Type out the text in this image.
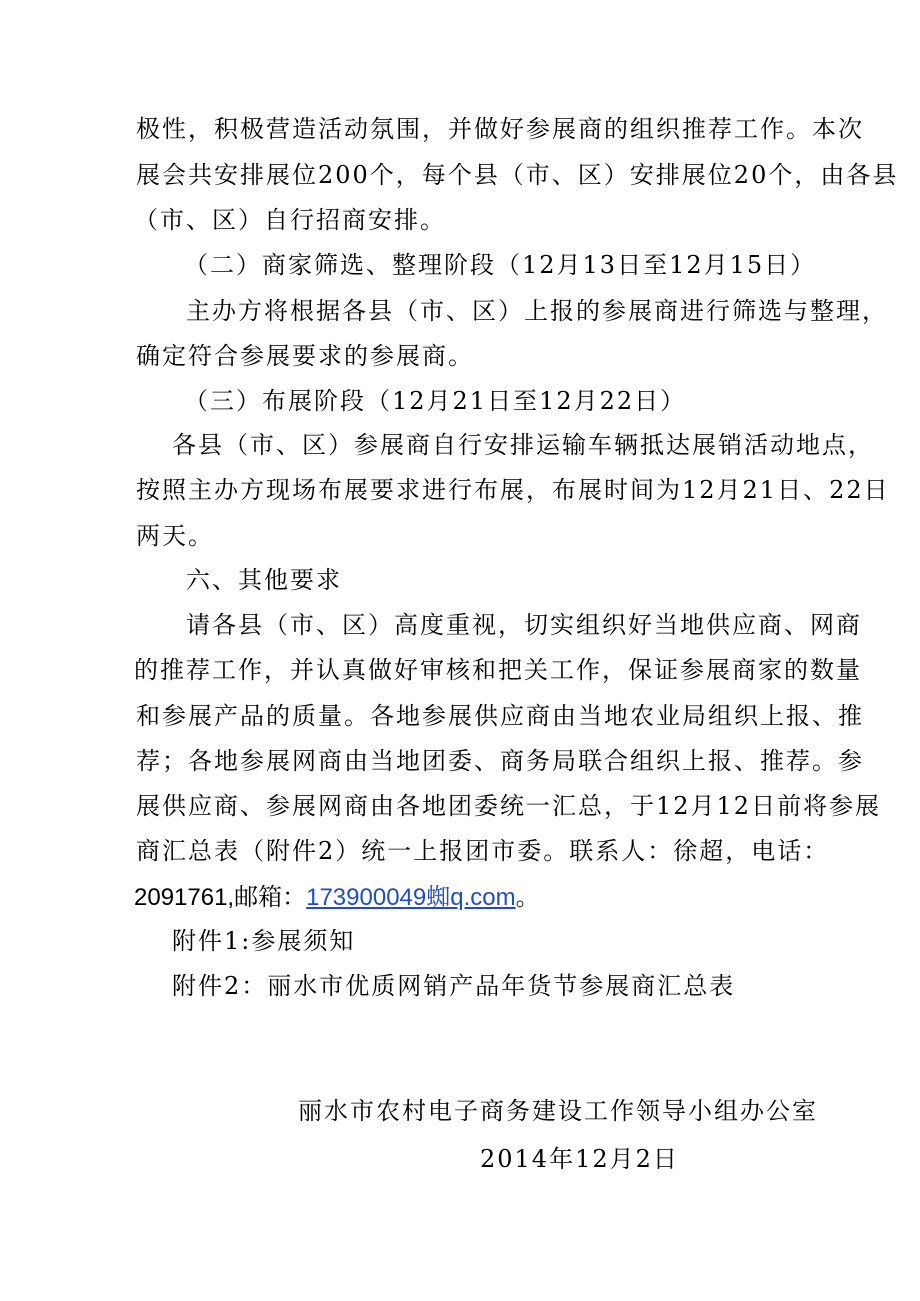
极性，积极营造活动氛围，并做好参展商的组织推荐工作。本次
展会共安排展位200个，每个县（市、区）安排展位20个，由各县
（市、区）自行招商安排。
（二）商家筛选、整理阶段（12月13日至12月15日）
主办方将根据各县（市、区）上报的参展商进行筛选与整理，
确定符合参展要求的参展商。
（三）布展阶段（12月21日至12月22日）
各县（市、区）参展商自行安排运输车辆抵达展销活动地点，
按照主办方现场布展要求进行布展，布展时间为12月21日、22日
两天。
六、其他要求
请各县（市、区）高度重视，切实组织好当地供应商、网商
的推荐工作，并认真做好审核和把关工作，保证参展商家的数量
和参展产品的质量。各地参展供应商由当地农业局组织上报、推
荐；各地参展网商由当地团委、商务局联合组织上报、推荐。参
展供应商、参展网商由各地团委统一汇总，于12月12日前将参展
商汇总表（附件2）统一上报团市委。联系人：徐超，电话：
2091761,邮箱：173900049蜘q.com。
附件1:参展须知
附件2：丽水市优质网销产品年货节参展商汇总表
丽水市农村电子商务建设工作领导小组办公室
2014年12月2日
